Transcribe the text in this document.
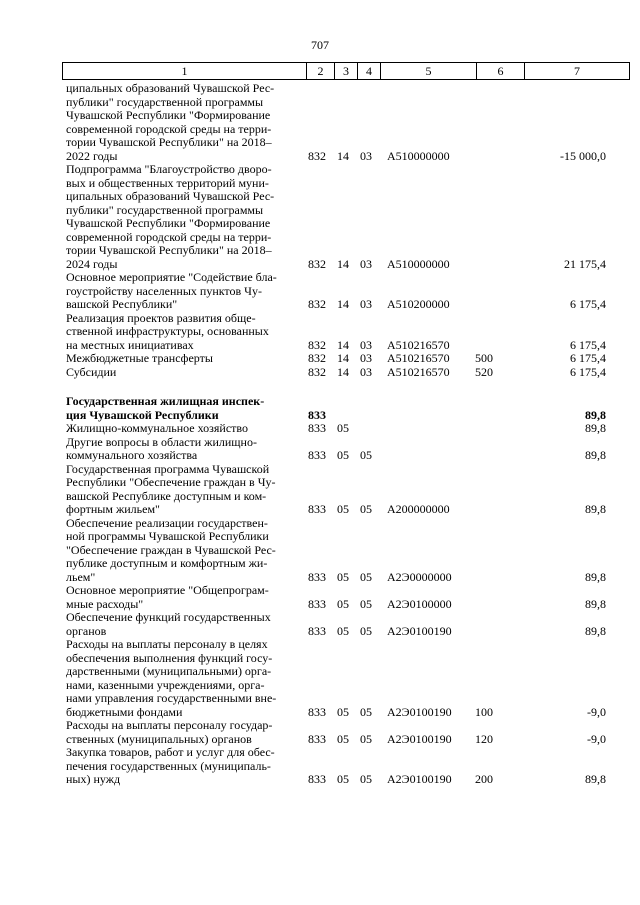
707
1	2	3	4	5	6	7
ципальных образований Чувашской Рес-
публики" государственной программы
Чувашской Республики "Формирование
современной городской среды на терри-
тории Чувашской Республики" на 2018–
2022 годы	832 14 03 А510000000	-15 000,0
Подпрограмма "Благоустройство дворо-
вых и общественных территорий муни-
ципальных образований Чувашской Рес-
публики" государственной программы
Чувашской Республики "Формирование
современной городской среды на терри-
тории Чувашской Республики" на 2018–
2024 годы	832 14 03 А510000000	21 175,4
Основное мероприятие "Содействие бла-
гоустройству населенных пунктов Чу-
вашской Республики"	832 14 03 А510200000	6 175,4
Реализация проектов развития обще-
ственной инфраструктуры, основанных
на местных инициативах	832 14 03 А510216570	6 175,4
Межбюджетные трансферты	832 14 03 А510216570 500	6 175,4
Субсидии	832 14 03 А510216570 520	6 175,4
Государственная жилищная инспек-
ция Чувашской Республики	833	89,8
Жилищно-коммунальное хозяйство	833 05	89,8
Другие вопросы в области жилищно-
коммунального хозяйства	833 05 05	89,8
Государственная программа Чувашской
Республики "Обеспечение граждан в Чу-
вашской Республике доступным и ком-
фортным жильем"	833 05 05 А200000000	89,8
Обеспечение реализации государствен-
ной программы Чувашской Республики
"Обеспечение граждан в Чувашской Рес-
публике доступным и комфортным жи-
льем"	833 05 05 А2Э0000000	89,8
Основное мероприятие "Общепрограм-
мные расходы"	833 05 05 А2Э0100000	89,8
Обеспечение функций государственных
органов	833 05 05 А2Э0100190	89,8
Расходы на выплаты персоналу в целях
обеспечения выполнения функций госу-
дарственными (муниципальными) орга-
нами, казенными учреждениями, орга-
нами управления государственными вне-
бюджетными фондами	833 05 05 А2Э0100190 100	-9,0
Расходы на выплаты персоналу государ-
ственных (муниципальных) органов	833 05 05 А2Э0100190 120	-9,0
Закупка товаров, работ и услуг для обес-
печения государственных (муниципаль-
ных) нужд	833 05 05 А2Э0100190 200	89,8
